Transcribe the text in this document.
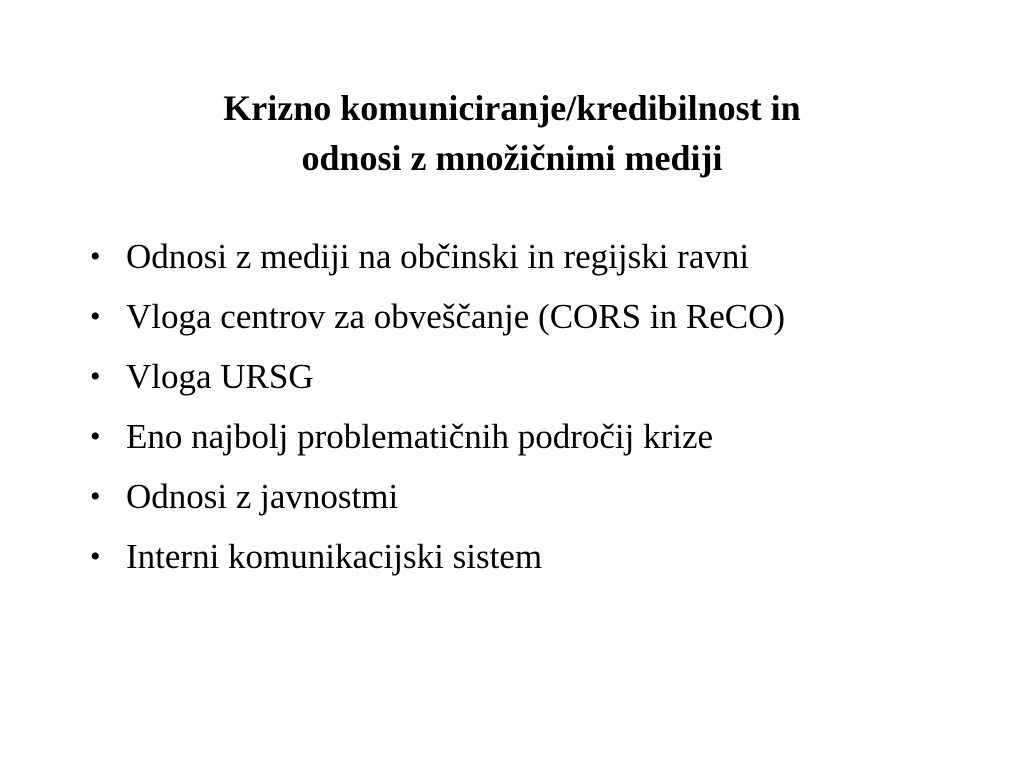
Krizno komuniciranje/kredibilnost in
odnosi z množičnimi mediji
• Odnosi z mediji na občinski in regijski ravni
• Vloga centrov za obveščanje (CORS in ReCO)
• Vloga URSG
• Eno najbolj problematičnih področij krize
• Odnosi z javnostmi
• Interni komunikacijski sistem
